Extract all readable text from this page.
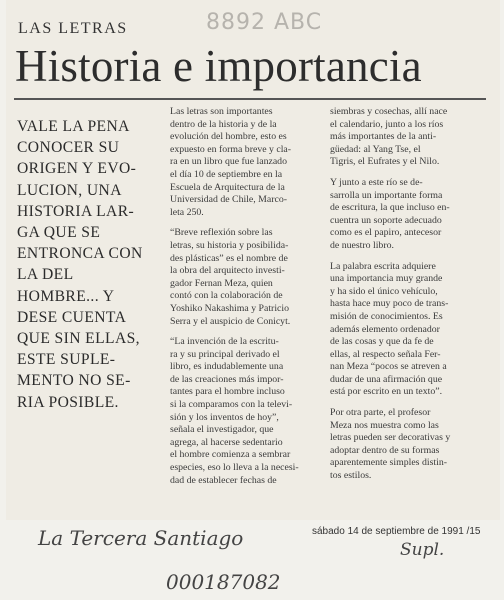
LAS LETRAS	8892 ABC
Historia e importancia
VALE LA PENA
CONOCER SU
ORIGEN Y EVO-
LUCION, UNA
HISTORIA LAR-
GA QUE SE
ENTRONCA CON
LA DEL
HOMBRE... Y
DESE CUENTA
QUE SIN ELLAS,
ESTE SUPLE-
MENTO NO SE-
RIA POSIBLE.
Las letras son importantes
dentro de la historia y de la
evolución del hombre, esto es
expuesto en forma breve y cla-
ra en un libro que fue lanzado
el día 10 de septiembre en la
Escuela de Arquitectura de la
Universidad de Chile, Marco-
leta 250.
“Breve reflexión sobre las
letras, su historia y posibilida-
des plásticas” es el nombre de
la obra del arquitecto investi-
gador Fernan Meza, quien
contó con la colaboración de
Yoshiko Nakashima y Patricio
Serra y el auspicio de Conicyt.
“La invención de la escritu-
ra y su principal derivado el
libro, es indudablemente una
de las creaciones más impor-
tantes para el hombre incluso
si la comparamos con la televi-
sión y los inventos de hoy”,
señala el investigador, que
agrega, al hacerse sedentario
el hombre comienza a sembrar
especies, eso lo lleva a la necesi-
dad de establecer fechas de
siembras y cosechas, allí nace
el calendario, junto a los ríos
más importantes de la anti-
güedad: al Yang Tse, el
Tigris, el Eufrates y el Nilo.
Y junto a este río se de-
sarrolla un importante forma
de escritura, la que incluso en-
cuentra un soporte adecuado
como es el papiro, antecesor
de nuestro libro.
La palabra escrita adquiere
una importancia muy grande
y ha sido el único vehículo,
hasta hace muy poco de trans-
misión de conocimientos. Es
además elemento ordenador
de las cosas y que da fe de
ellas, al respecto señala Fer-
nan Meza “pocos se atreven a
dudar de una afirmación que
está por escrito en un texto”.
Por otra parte, el profesor
Meza nos muestra como las
letras pueden ser decorativas y
adoptar dentro de su formas
aparentemente simples distin-
tos estilos.
sábado 14 de septiembre de 1991 /15
La Tercera Santiago	Supl.
000187082
